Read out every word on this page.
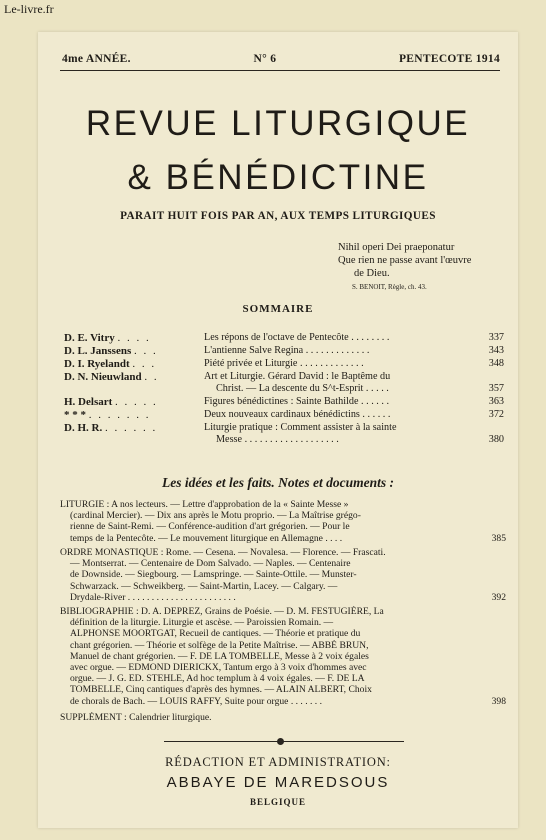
Le-livre.fr
4me ANNÉE.	N° 6	PENTECOTE 1914
REVUE LITURGIQUE
& BÉNÉDICTINE
PARAIT HUIT FOIS PAR AN, AUX TEMPS LITURGIQUES
Nihil operi Dei praeponatur
Que rien ne passe avant l'œuvre
de Dieu.
S. BENOIT, Règle, ch. 43.
SOMMAIRE
D. E. Vitry . . . .	Les répons de l'octave de Pentecôte . . . . . . . .	337
D. L. Janssens . . .	L'antienne Salve Regina . . . . . . . . . . . . .	343
D. I. Ryelandt . . .	Piété privée et Liturgie . . . . . . . . . . . . .	348
D. N. Nieuwland . .	Art et Liturgie. Gérard David : le Baptême du
Christ. — La descente du S^t-Esprit . . . . .	357
H. Delsart . . . . .	Figures bénédictines : Sainte Bathilde . . . . . .	363
* * * . . . . . . .	Deux nouveaux cardinaux bénédictins . . . . . .	372
D. H. R. . . . . . .	Liturgie pratique : Comment assister à la sainte
Messe . . . . . . . . . . . . . . . . . . .	380
Les idées et les faits. Notes et documents :
LITURGIE : A nos lecteurs. — Lettre d'approbation de la « Sainte Messe »
(cardinal Mercier). — Dix ans après le Motu proprio. — La Maîtrise grégo-
rienne de Saint-Remi. — Conférence-audition d'art grégorien. — Pour le
temps de la Pentecôte. — Le mouvement liturgique en Allemagne . . . .	385
ORDRE MONASTIQUE : Rome. — Cesena. — Novalesa. — Florence. — Frascati.
— Montserrat. — Centenaire de Dom Salvado. — Naples. — Centenaire
de Downside. — Siegbourg. — Lamspringe. — Sainte-Ottile. — Munster-
Schwarzack. — Schweikberg. — Saint-Martin, Lacey. — Calgary. —
Drydale-River . . . . . . . . . . . . . . . . . . . . . . .	392
BIBLIOGRAPHIE : D. A. DEPREZ, Grains de Poésie. — D. M. FESTUGIÈRE, La
définition de la liturgie. Liturgie et ascèse. — Paroissien Romain. —
ALPHONSE MOORTGAT, Recueil de cantiques. — Théorie et pratique du
chant grégorien. — Théorie et solfège de la Petite Maîtrise. — ABBÉ BRUN,
Manuel de chant grégorien. — F. DE LA TOMBELLE, Messe à 2 voix égales
avec orgue. — EDMOND DIERICKX, Tantum ergo à 3 voix d'hommes avec
orgue. — J. G. ED. STEHLE, Ad hoc templum à 4 voix égales. — F. DE LA
TOMBELLE, Cinq cantiques d'après des hymnes. — ALAIN ALBERT, Choix
de chorals de Bach. — LOUIS RAFFY, Suite pour orgue . . . . . . .	398
SUPPLÉMENT : Calendrier liturgique.
RÉDACTION ET ADMINISTRATION:
ABBAYE DE MAREDSOUS
BELGIQUE
